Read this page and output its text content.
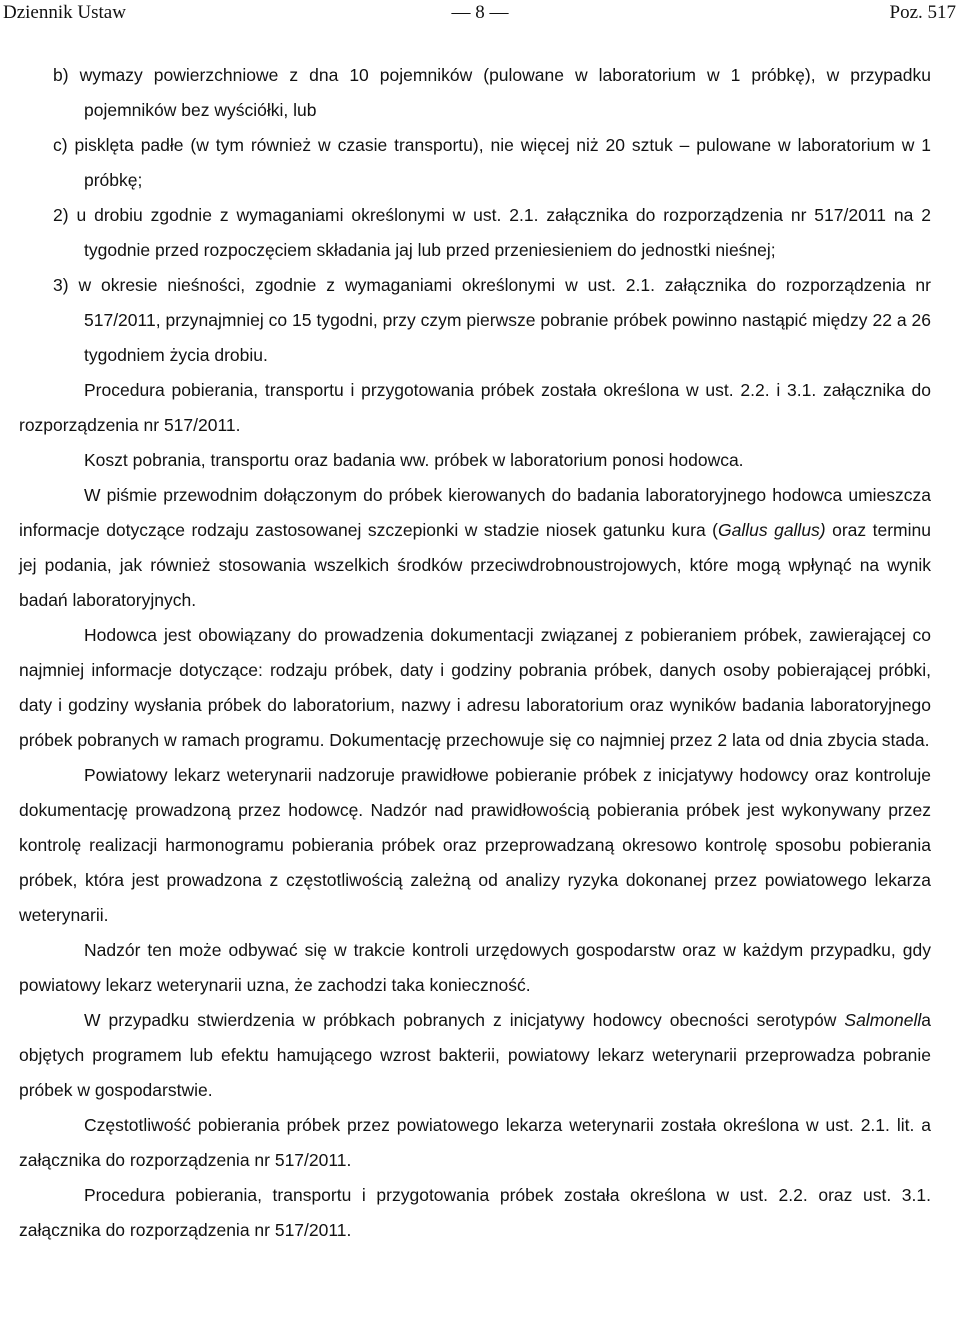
Dziennik Ustaw	— 8 —	Poz. 517

b) wymazy powierzchniowe z dna 10 pojemników (pulowane w laboratorium w 1 próbkę), w przypadku pojemników bez wyściółki, lub

c) pisklęta padłe (w tym również w czasie transportu), nie więcej niż 20 sztuk – pulowane w laboratorium w 1 próbkę;

2) u drobiu zgodnie z wymaganiami określonymi w ust. 2.1. załącznika do rozporządzenia nr 517/2011 na 2 tygodnie przed rozpoczęciem składania jaj lub przed przeniesieniem do jednostki nieśnej;

3) w okresie nieśności, zgodnie z wymaganiami określonymi w ust. 2.1. załącznika do rozporządzenia nr 517/2011, przynajmniej co 15 tygodni, przy czym pierwsze pobranie próbek powinno nastąpić między 22 a 26 tygodniem życia drobiu.

Procedura pobierania, transportu i przygotowania próbek została określona w ust. 2.2. i 3.1. załącznika do rozporządzenia nr 517/2011.

Koszt pobrania, transportu oraz badania ww. próbek w laboratorium ponosi hodowca.

W piśmie przewodnim dołączonym do próbek kierowanych do badania laboratoryjnego hodowca umieszcza informacje dotyczące rodzaju zastosowanej szczepionki w stadzie niosek gatunku kura (Gallus gallus) oraz terminu jej podania, jak również stosowania wszelkich środków przeciwdrobnoustrojowych, które mogą wpłynąć na wynik badań laboratoryjnych.

Hodowca jest obowiązany do prowadzenia dokumentacji związanej z pobieraniem próbek, zawierającej co najmniej informacje dotyczące: rodzaju próbek, daty i godziny pobrania próbek, danych osoby pobierającej próbki, daty i godziny wysłania próbek do laboratorium, nazwy i adresu laboratorium oraz wyników badania laboratoryjnego próbek pobranych w ramach programu. Dokumentację przechowuje się co najmniej przez 2 lata od dnia zbycia stada.

Powiatowy lekarz weterynarii nadzoruje prawidłowe pobieranie próbek z inicjatywy hodowcy oraz kontroluje dokumentację prowadzoną przez hodowcę. Nadzór nad prawidłowością pobierania próbek jest wykonywany przez kontrolę realizacji harmonogramu pobierania próbek oraz przeprowadzaną okresowo kontrolę sposobu pobierania próbek, która jest prowadzona z częstotliwością zależną od analizy ryzyka dokonanej przez powiatowego lekarza weterynarii.

Nadzór ten może odbywać się w trakcie kontroli urzędowych gospodarstw oraz w każdym przypadku, gdy powiatowy lekarz weterynarii uzna, że zachodzi taka konieczność.

W przypadku stwierdzenia w próbkach pobranych z inicjatywy hodowcy obecności serotypów Salmonella objętych programem lub efektu hamującego wzrost bakterii, powiatowy lekarz weterynarii przeprowadza pobranie próbek w gospodarstwie.

Częstotliwość pobierania próbek przez powiatowego lekarza weterynarii została określona w ust. 2.1. lit. a załącznika do rozporządzenia nr 517/2011.

Procedura pobierania, transportu i przygotowania próbek została określona w ust. 2.2. oraz ust. 3.1. załącznika do rozporządzenia nr 517/2011.
